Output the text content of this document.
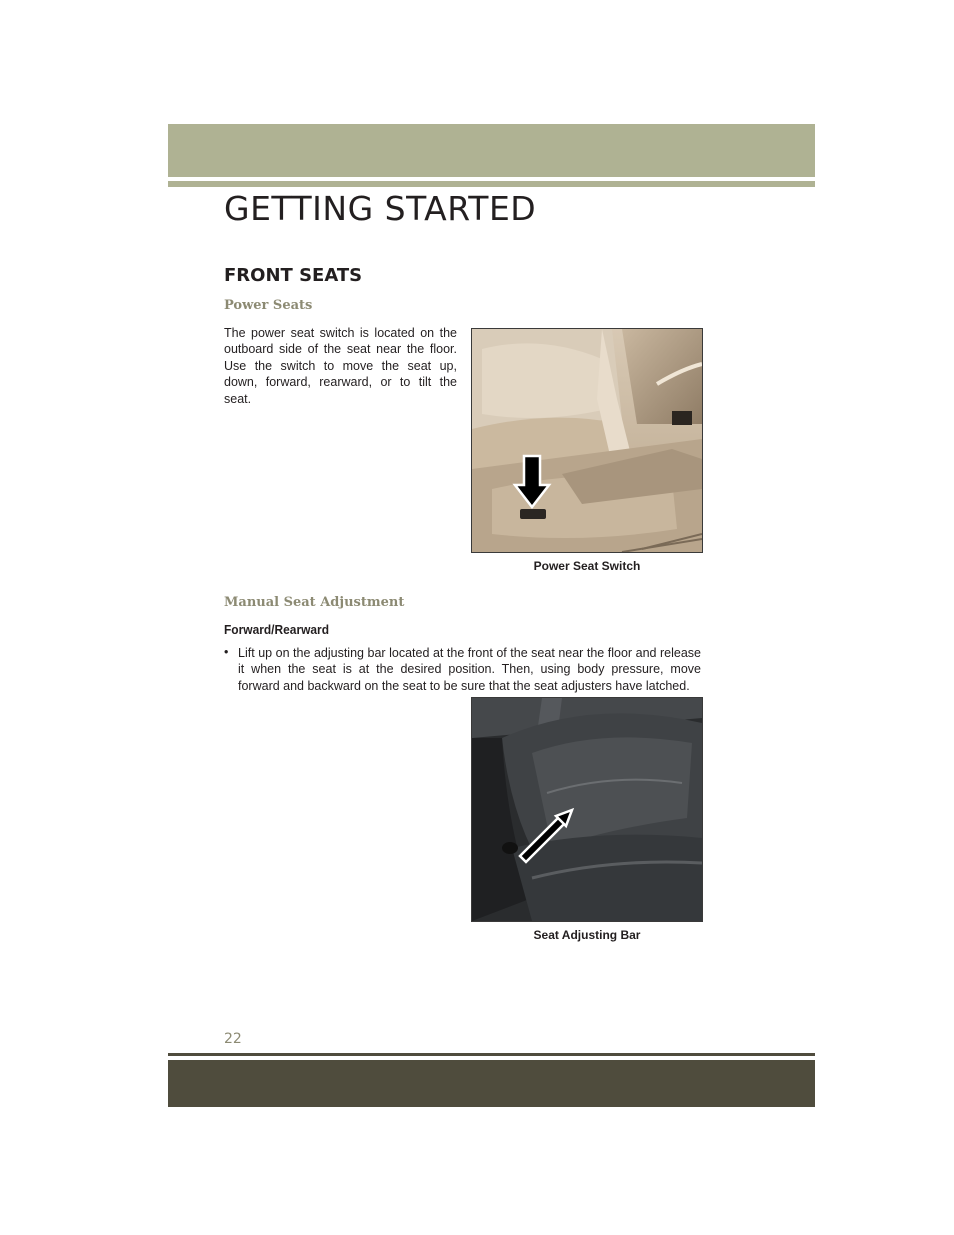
GETTING STARTED
FRONT SEATS
Power Seats

The power seat switch is located on the outboard side of the seat near the floor. Use the switch to move the seat up, down, forward, rearward, or to tilt the seat.

Power Seat Switch

Manual Seat Adjustment
Forward/Rearward
• Lift up on the adjusting bar located at the front of the seat near the floor and release it when the seat is at the desired position. Then, using body pressure, move forward and backward on the seat to be sure that the seat adjusters have latched.

Seat Adjusting Bar

22
